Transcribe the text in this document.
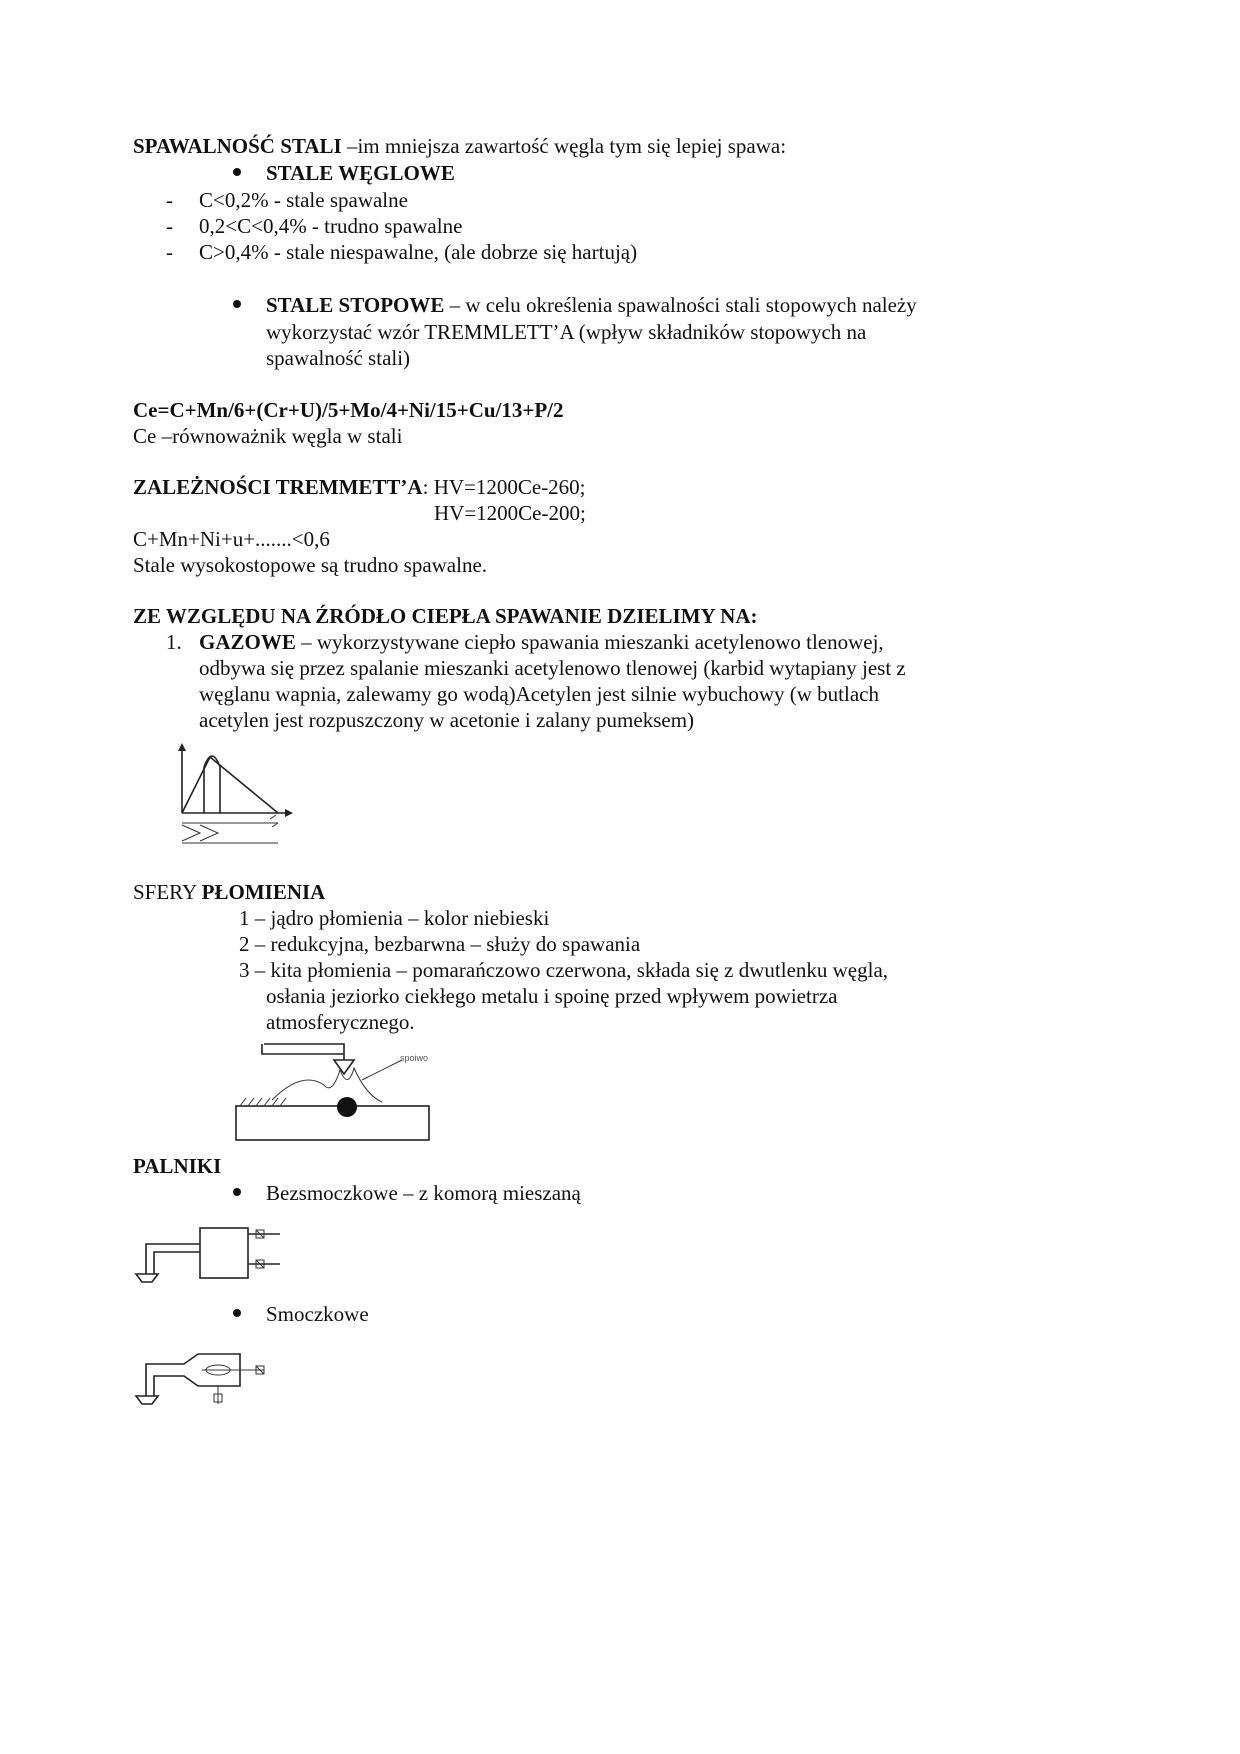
SPAWALNOŚĆ STALI –im mniejsza zawartość węgla tym się lepiej spawa:
STALE WĘGLOWE
- C<0,2% - stale spawalne
- 0,2<C<0,4% - trudno spawalne
- C>0,4% - stale niespawalne, (ale dobrze się hartują)
STALE STOPOWE – w celu określenia spawalności stali stopowych należy
wykorzystać wzór TREMMLETT’A (wpływ składników stopowych na
spawalność stali)
Ce=C+Mn/6+(Cr+U)/5+Mo/4+Ni/15+Cu/13+P/2
Ce –równoważnik węgla w stali
ZALEŻNOŚCI TREMMETT’A: HV=1200Ce-260;
HV=1200Ce-200;
C+Mn+Ni+u+.......<0,6
Stale wysokostopowe są trudno spawalne.
ZE WZGLĘDU NA ŹRÓDŁO CIEPŁA SPAWANIE DZIELIMY NA:
1. GAZOWE – wykorzystywane ciepło spawania mieszanki acetylenowo tlenowej,
odbywa się przez spalanie mieszanki acetylenowo tlenowej (karbid wytapiany jest z
węglanu wapnia, zalewamy go wodą)Acetylen jest silnie wybuchowy (w butlach
acetylen jest rozpuszczony w acetonie i zalany pumeksem)
SFERY PŁOMIENIA
1 – jądro płomienia – kolor niebieski
2 – redukcyjna, bezbarwna – służy do spawania
3 – kita płomienia – pomarańczowo czerwona, składa się z dwutlenku węgla,
osłania jeziorko ciekłego metalu i spoinę przed wpływem powietrza
atmosferycznego.
spoiwo
PALNIKI
Bezsmoczkowe – z komorą mieszaną
Smoczkowe
